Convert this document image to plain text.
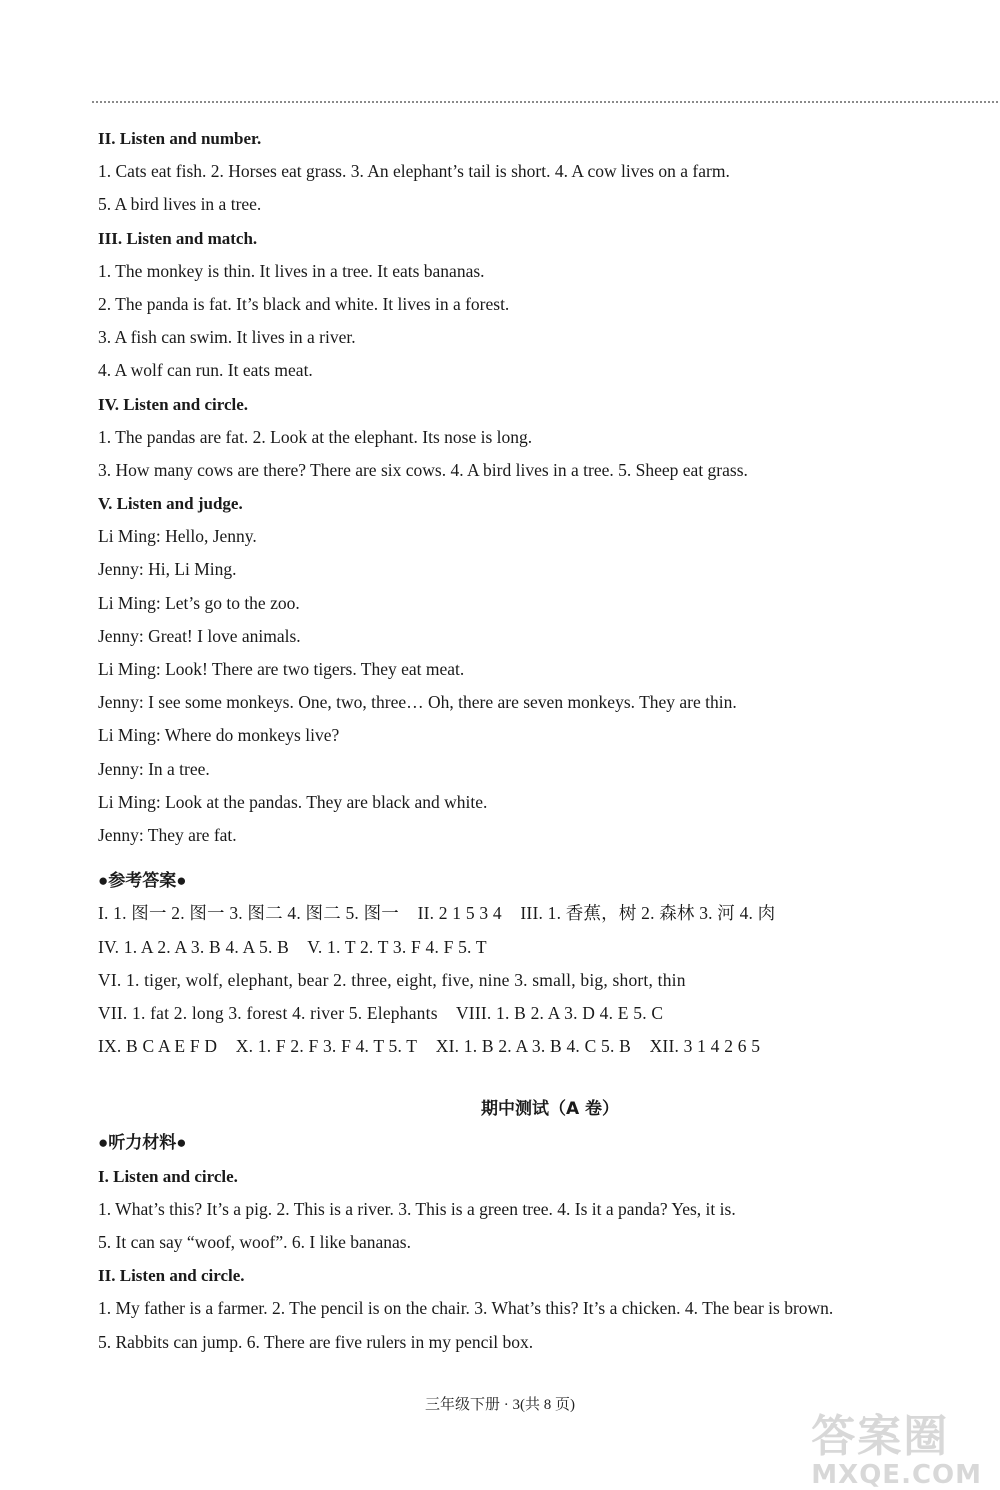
II. Listen and number.
1. Cats eat fish. 2. Horses eat grass. 3. An elephant’s tail is short. 4. A cow lives on a farm.
5. A bird lives in a tree.
III. Listen and match.
1. The monkey is thin. It lives in a tree. It eats bananas.
2. The panda is fat. It’s black and white. It lives in a forest.
3. A fish can swim. It lives in a river.
4. A wolf can run. It eats meat.
IV. Listen and circle.
1. The pandas are fat. 2. Look at the elephant. Its nose is long.
3. How many cows are there? There are six cows. 4. A bird lives in a tree. 5. Sheep eat grass.
V. Listen and judge.
Li Ming: Hello, Jenny.
Jenny: Hi, Li Ming.
Li Ming: Let’s go to the zoo.
Jenny: Great! I love animals.
Li Ming: Look! There are two tigers. They eat meat.
Jenny: I see some monkeys. One, two, three… Oh, there are seven monkeys. They are thin.
Li Ming: Where do monkeys live?
Jenny: In a tree.
Li Ming: Look at the pandas. They are black and white.
Jenny: They are fat.
●参考答案●
I. 1. 图一 2. 图一 3. 图二 4. 图二 5. 图一 II. 2 1 5 3 4 III. 1. 香蕉，树 2. 森林 3. 河 4. 肉
IV. 1. A 2. A 3. B 4. A 5. B V. 1. T 2. T 3. F 4. F 5. T
VI. 1. tiger, wolf, elephant, bear 2. three, eight, five, nine 3. small, big, short, thin
VII. 1. fat 2. long 3. forest 4. river 5. Elephants VIII. 1. B 2. A 3. D 4. E 5. C
IX. B C A E F D X. 1. F 2. F 3. F 4. T 5. T XI. 1. B 2. A 3. B 4. C 5. B XII. 3 1 4 2 6 5
期中测试（A 卷）
●听力材料●
I. Listen and circle.
1. What’s this? It’s a pig. 2. This is a river. 3. This is a green tree. 4. Is it a panda? Yes, it is.
5. It can say “woof, woof”. 6. I like bananas.
II. Listen and circle.
1. My father is a farmer. 2. The pencil is on the chair. 3. What’s this? It’s a chicken. 4. The bear is brown.
5. Rabbits can jump. 6. There are five rulers in my pencil box.
三年级下册 · 3(共 8 页)
答案圈
MXQE.COM
